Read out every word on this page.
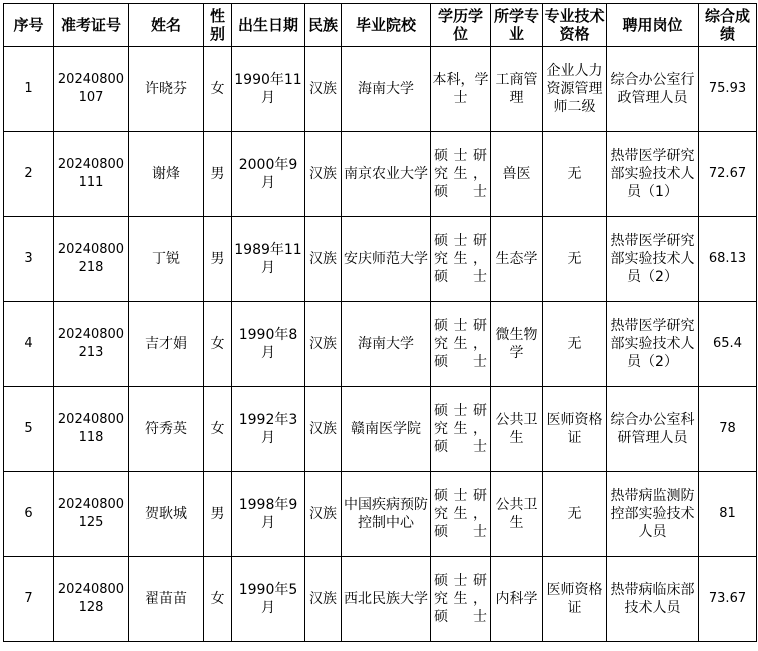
序号	准考证号	姓名	性别	出生日期	民族	毕业院校	学历学位	所学专业	专业技术资格	聘用岗位	综合成绩
1	20240800107	许晓芬	女	1990年11月	汉族	海南大学	本科，学士	工商管理	企业人力资源管理师二级	综合办公室行政管理人员	75.93
2	20240800111	谢烽	男	2000年9月	汉族	南京农业大学	硕士研究生，硕士	兽医	无	热带医学研究部实验技术人员（1）	72.67
3	20240800218	丁锐	男	1989年11月	汉族	安庆师范大学	硕士研究生，硕士	生态学	无	热带医学研究部实验技术人员（2）	68.13
4	20240800213	吉才娟	女	1990年8月	汉族	海南大学	硕士研究生，硕士	微生物学	无	热带医学研究部实验技术人员（2）	65.4
5	20240800118	符秀英	女	1992年3月	汉族	赣南医学院	硕士研究生，硕士	公共卫生	医师资格证	综合办公室科研管理人员	78
6	20240800125	贺耿城	男	1998年9月	汉族	中国疾病预防控制中心	硕士研究生，硕士	公共卫生	无	热带病监测防控部实验技术人员	81
7	20240800128	翟苗苗	女	1990年5月	汉族	西北民族大学	硕士研究生，硕士	内科学	医师资格证	热带病临床部技术人员	73.67
